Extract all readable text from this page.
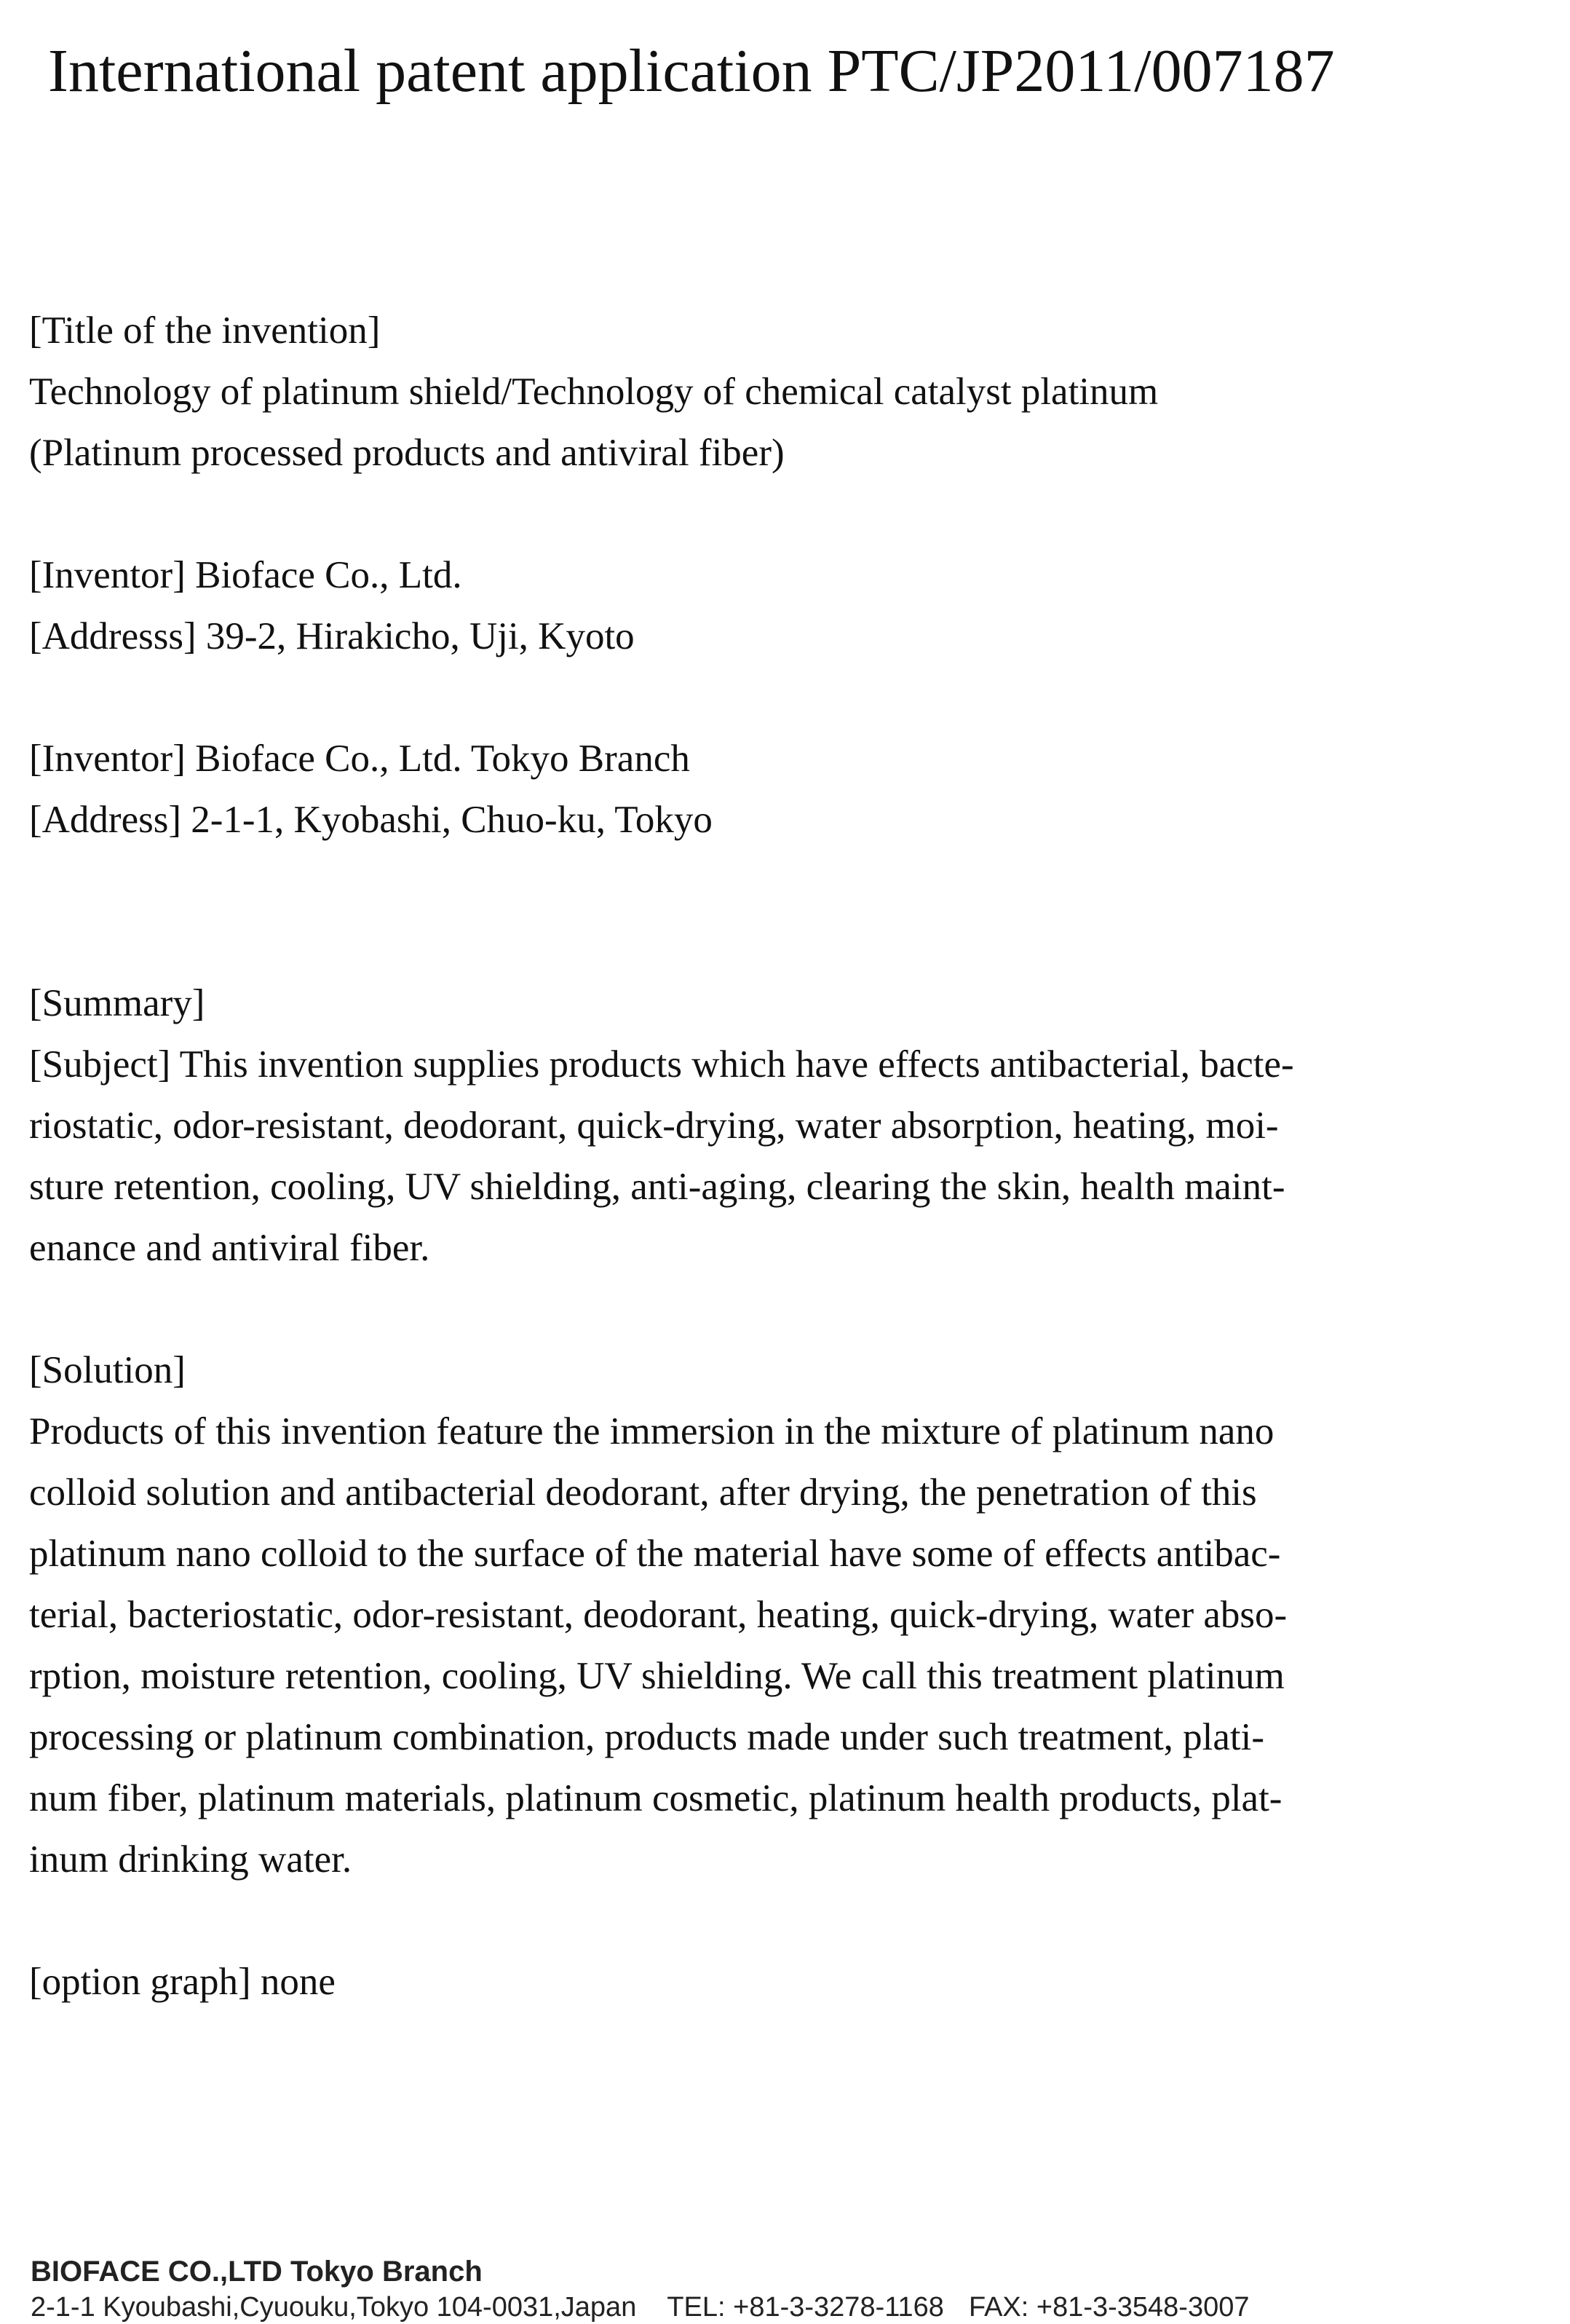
International patent application PTC/JP2011/007187

[Title of the invention]

Technology of platinum shield/Technology of chemical catalyst platinum

(Platinum processed products and antiviral fiber)

[Inventor] Bioface Co., Ltd.

[Addresss] 39-2, Hirakicho, Uji, Kyoto

[Inventor] Bioface Co., Ltd. Tokyo Branch

[Address] 2-1-1, Kyobashi, Chuo-ku, Tokyo

[Summary]

[Subject] This invention supplies products which have effects antibacterial, bacte-

riostatic, odor-resistant, deodorant, quick-drying, water absorption, heating, moi-

sture retention, cooling, UV shielding, anti-aging, clearing the skin, health maint-

enance and antiviral fiber.

[Solution]

Products of this invention feature the immersion in the mixture of platinum nano

colloid solution and antibacterial deodorant, after drying, the penetration of this

platinum nano colloid to the surface of the material have some of effects antibac-

terial, bacteriostatic, odor-resistant, deodorant, heating, quick-drying, water abso-

rption, moisture retention, cooling, UV shielding. We call this treatment platinum

processing or platinum combination, products made under such treatment, plati-

num fiber, platinum materials, platinum cosmetic, platinum health products, plat-

inum drinking water.

[option graph] none

BIOFACE CO.,LTD Tokyo Branch
2-1-1 Kyoubashi,Cyuouku,Tokyo 104-0031,Japan TEL: +81-3-3278-1168 FAX: +81-3-3548-3007
